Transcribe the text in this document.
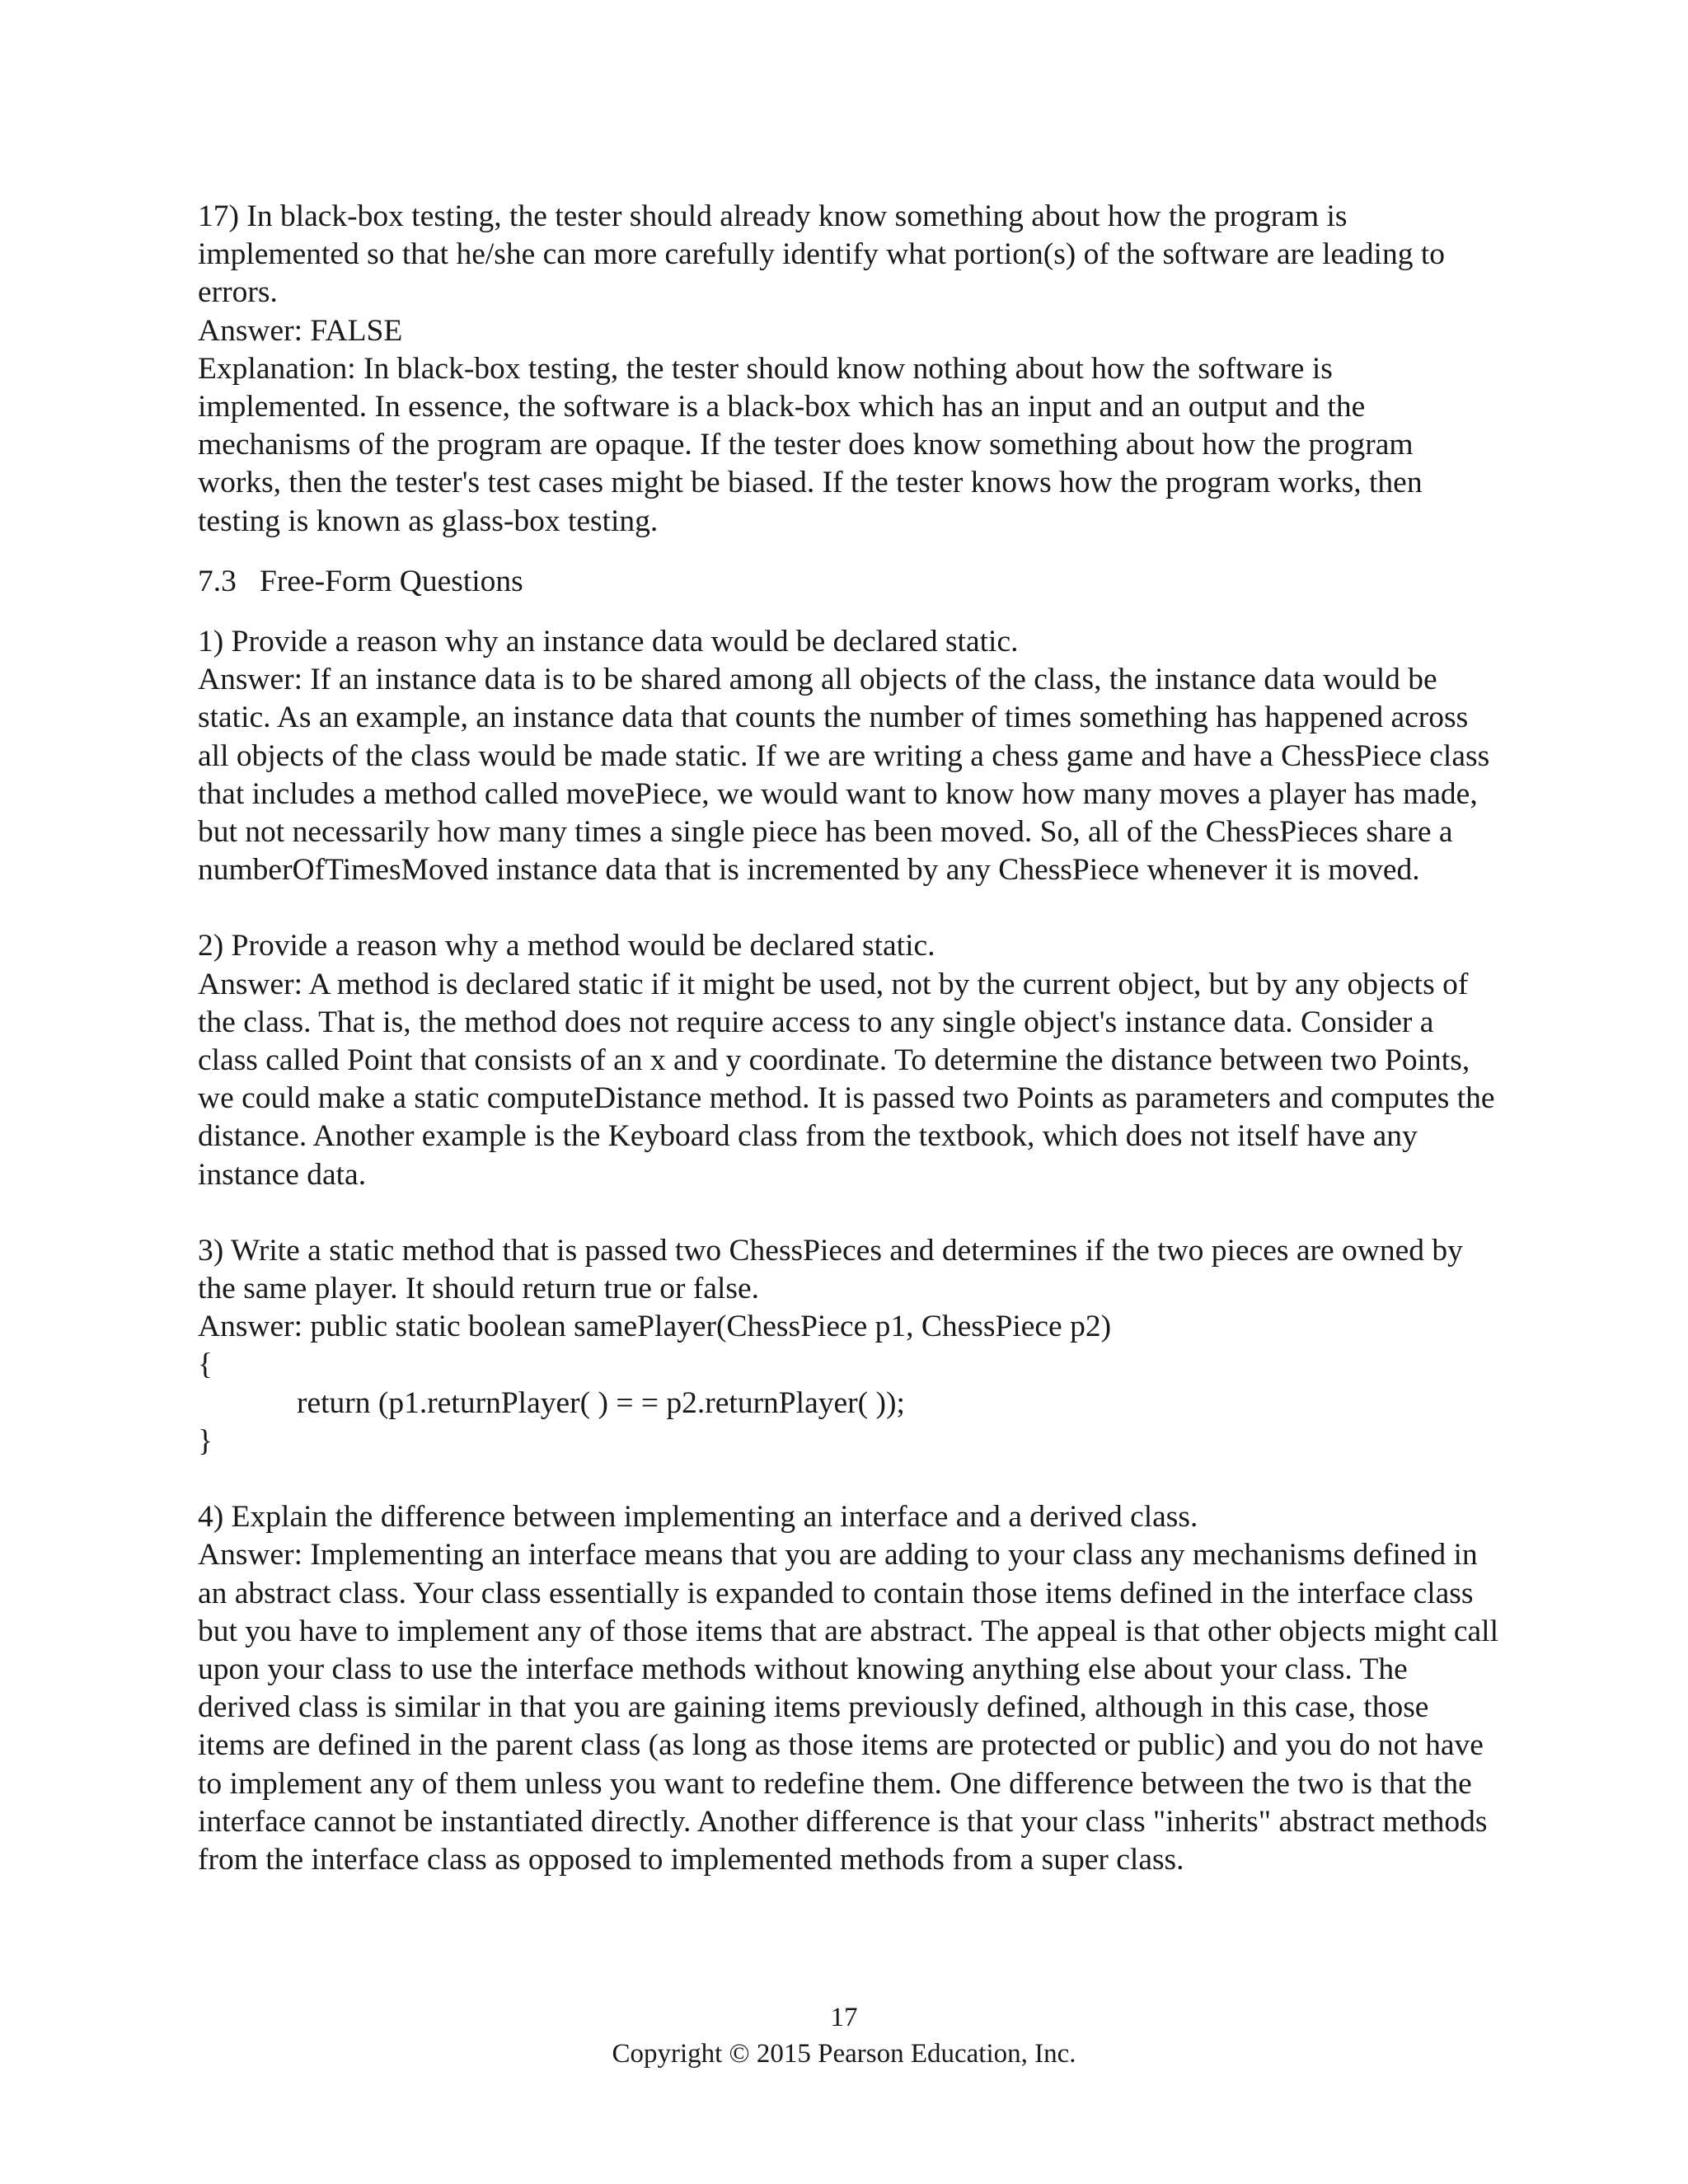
17) In black-box testing, the tester should already know something about how the program is implemented so that he/she can more carefully identify what portion(s) of the software are leading to errors.

Answer: FALSE

Explanation: In black-box testing, the tester should know nothing about how the software is implemented. In essence, the software is a black-box which has an input and an output and the mechanisms of the program are opaque. If the tester does know something about how the program works, then the tester's test cases might be biased. If the tester knows how the program works, then testing is known as glass-box testing.

7.3   Free-Form Questions

1) Provide a reason why an instance data would be declared static.

Answer: If an instance data is to be shared among all objects of the class, the instance data would be static. As an example, an instance data that counts the number of times something has happened across all objects of the class would be made static. If we are writing a chess game and have a ChessPiece class that includes a method called movePiece, we would want to know how many moves a player has made, but not necessarily how many times a single piece has been moved. So, all of the ChessPieces share a numberOfTimesMoved instance data that is incremented by any ChessPiece whenever it is moved.

2) Provide a reason why a method would be declared static.

Answer: A method is declared static if it might be used, not by the current object, but by any objects of the class. That is, the method does not require access to any single object's instance data. Consider a class called Point that consists of an x and y coordinate. To determine the distance between two Points, we could make a static computeDistance method. It is passed two Points as parameters and computes the distance. Another example is the Keyboard class from the textbook, which does not itself have any instance data.

3) Write a static method that is passed two ChessPieces and determines if the two pieces are owned by the same player. It should return true or false.

Answer: public static boolean samePlayer(ChessPiece p1, ChessPiece p2)

{

return (p1.returnPlayer( ) = = p2.returnPlayer( ));

}

4) Explain the difference between implementing an interface and a derived class.

Answer: Implementing an interface means that you are adding to your class any mechanisms defined in an abstract class. Your class essentially is expanded to contain those items defined in the interface class but you have to implement any of those items that are abstract. The appeal is that other objects might call upon your class to use the interface methods without knowing anything else about your class. The derived class is similar in that you are gaining items previously defined, although in this case, those items are defined in the parent class (as long as those items are protected or public) and you do not have to implement any of them unless you want to redefine them. One difference between the two is that the interface cannot be instantiated directly. Another difference is that your class "inherits" abstract methods from the interface class as opposed to implemented methods from a super class.

17
Copyright © 2015 Pearson Education, Inc.
